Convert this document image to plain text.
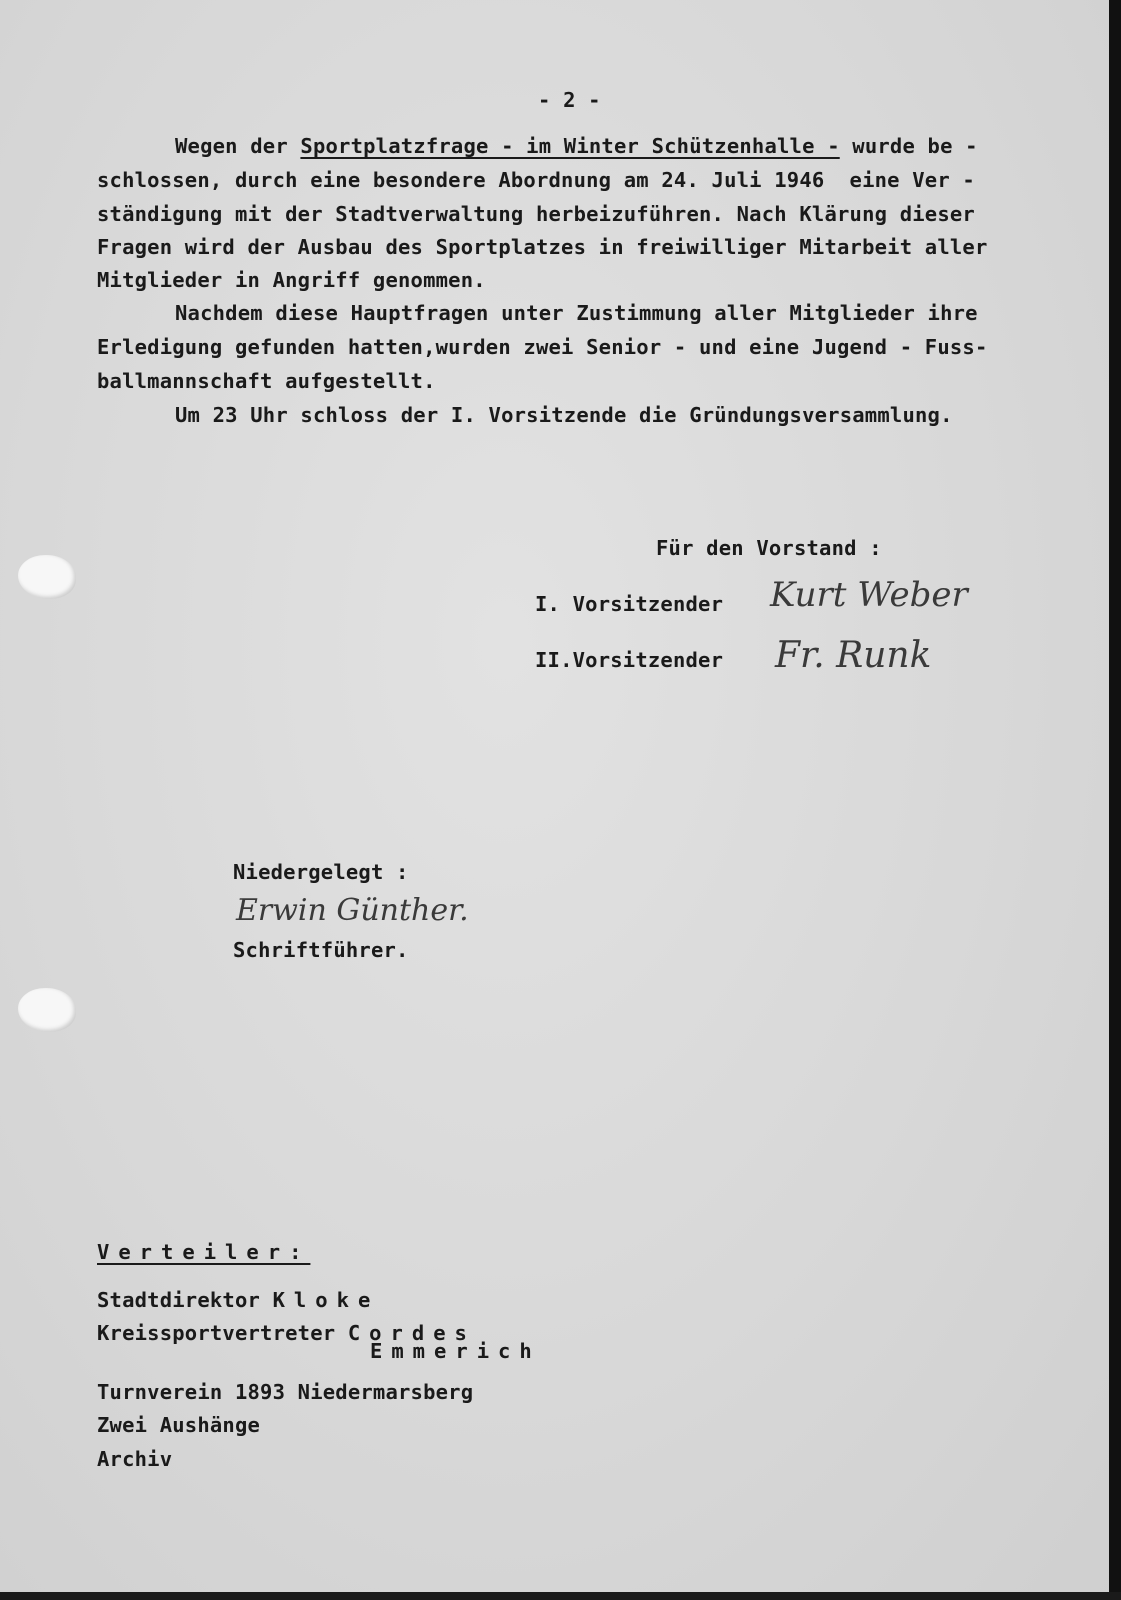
- 2 -
Wegen der Sportplatzfrage - im Winter Schützenhalle - wurde be -
schlossen, durch eine besondere Abordnung am 24. Juli 1946  eine Ver -
ständigung mit der Stadtverwaltung herbeizuführen. Nach Klärung dieser
Fragen wird der Ausbau des Sportplatzes in freiwilliger Mitarbeit aller
Mitglieder in Angriff genommen.
Nachdem diese Hauptfragen unter Zustimmung aller Mitglieder ihre
Erledigung gefunden hatten,wurden zwei Senior - und eine Jugend - Fuss-
ballmannschaft aufgestellt.
Um 23 Uhr schloss der I. Vorsitzende die Gründungsversammlung.
Für den Vorstand :
I. Vorsitzender Kurt Weber
II.Vorsitzender Fr. Runk
Niedergelegt :
Erwin Günther.
Schriftführer.
Verteiler:
Stadtdirektor Kloke
Kreissportvertreter Cordes
Emmerich
Turnverein 1893 Niedermarsberg
Zwei Aushänge
Archiv
